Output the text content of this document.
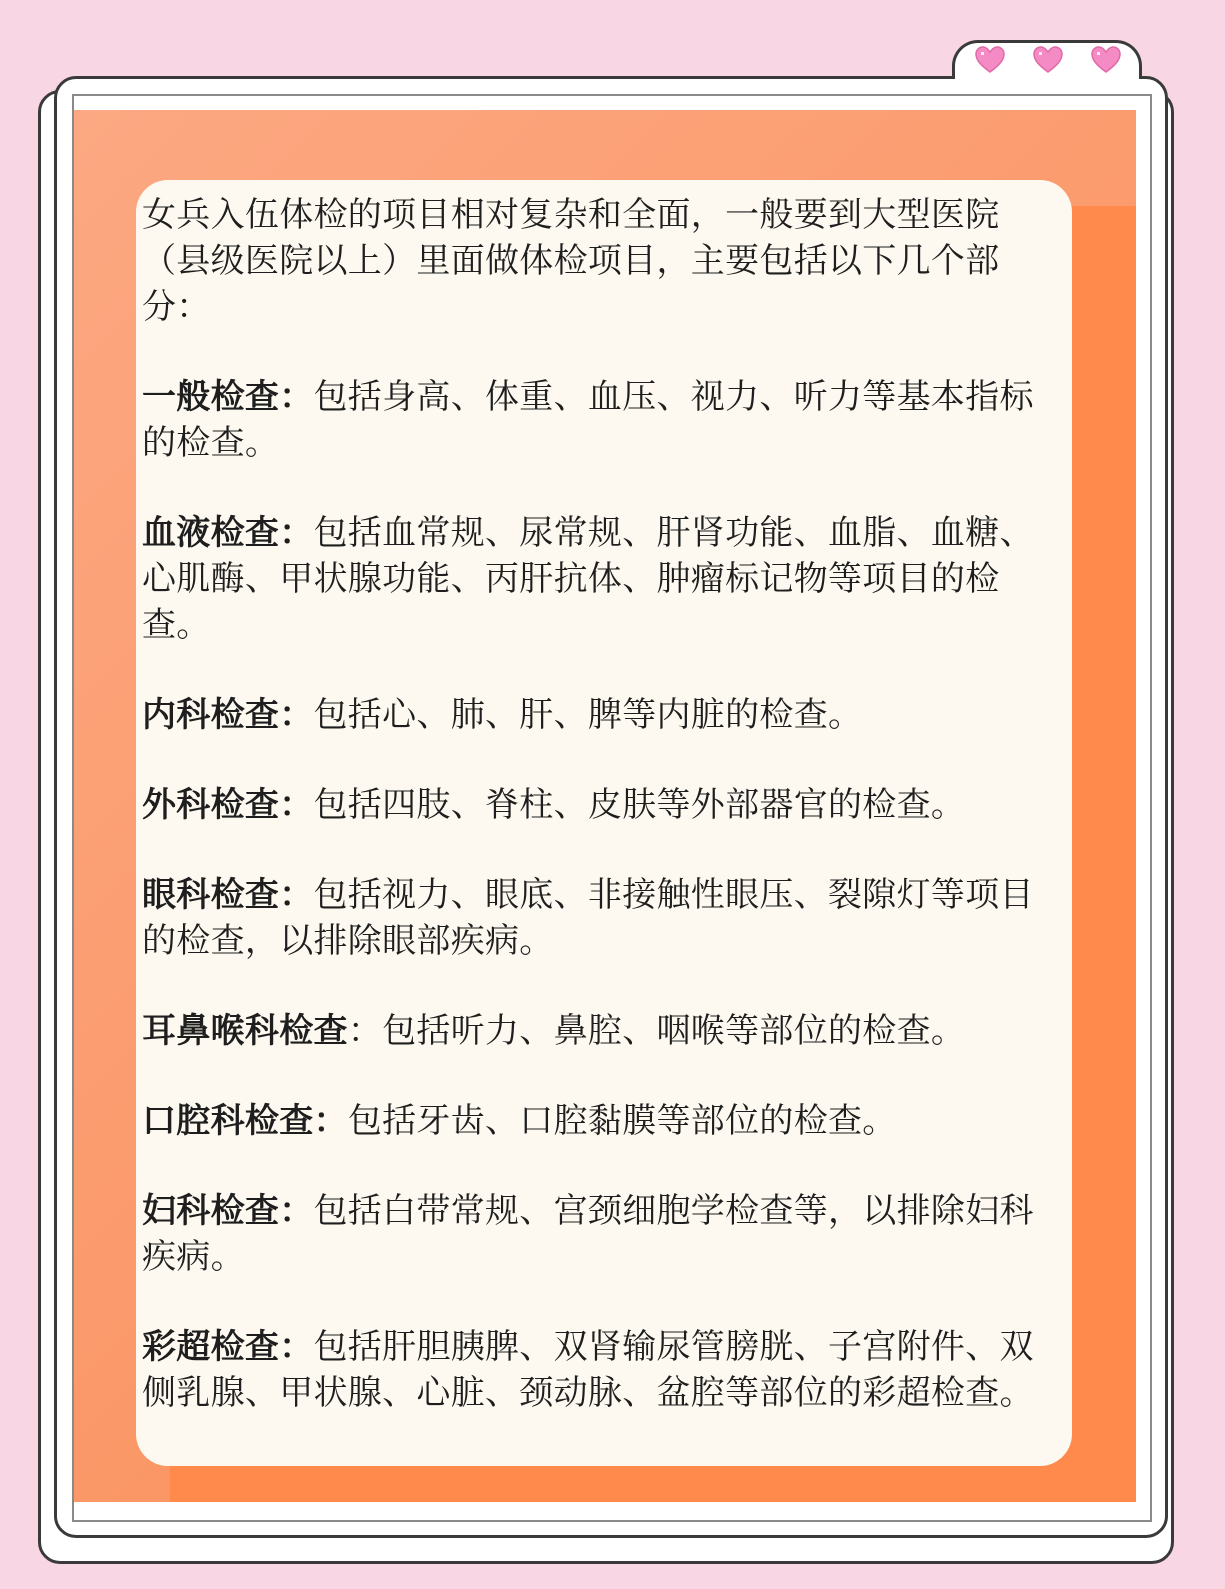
女兵入伍体检的项目相对复杂和全面，一般要到大型医院（县级医院以上）里面做体检项目，主要包括以下几个部分：

一般检查：包括身高、体重、血压、视力、听力等基本指标的检查。

血液检查：包括血常规、尿常规、肝肾功能、血脂、血糖、心肌酶、甲状腺功能、丙肝抗体、肿瘤标记物等项目的检查。

内科检查：包括心、肺、肝、脾等内脏的检查。

外科检查：包括四肢、脊柱、皮肤等外部器官的检查。

眼科检查：包括视力、眼底、非接触性眼压、裂隙灯等项目的检查，以排除眼部疾病。

耳鼻喉科检查：包括听力、鼻腔、咽喉等部位的检查。

口腔科检查：包括牙齿、口腔黏膜等部位的检查。

妇科检查：包括白带常规、宫颈细胞学检查等，以排除妇科疾病。

彩超检查：包括肝胆胰脾、双肾输尿管膀胱、子宫附件、双侧乳腺、甲状腺、心脏、颈动脉、盆腔等部位的彩超检查。
